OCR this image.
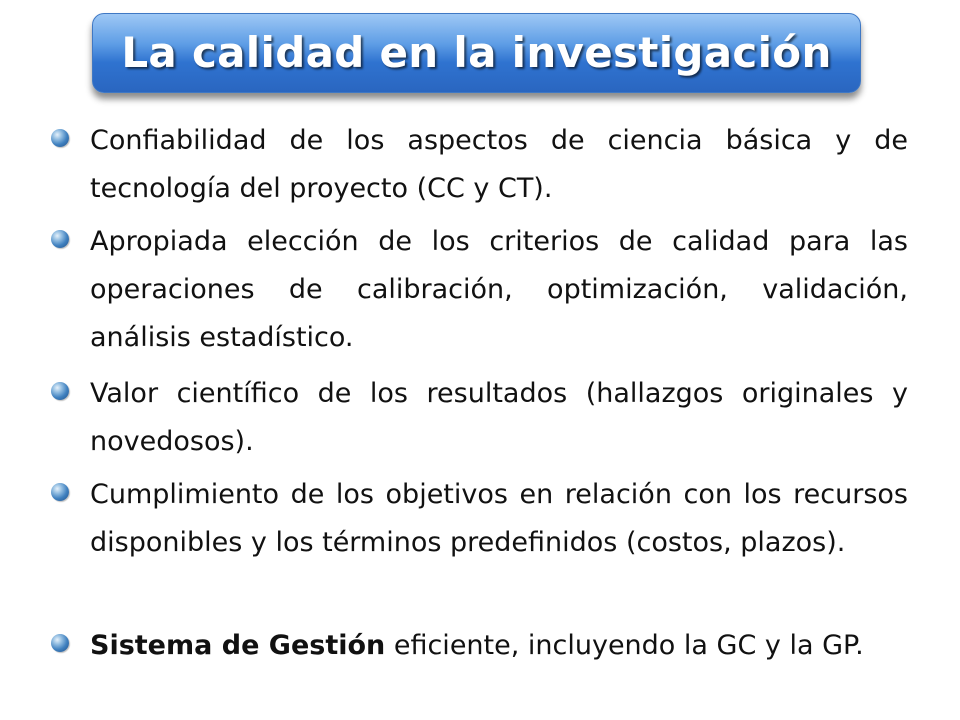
La calidad en la investigación
Confiabilidad de los aspectos de ciencia básica y de tecnología del proyecto (CC y CT).
Apropiada elección de los criterios de calidad para las operaciones de calibración, optimización, validación, análisis estadístico.
Valor científico de los resultados (hallazgos originales y novedosos).
Cumplimiento de los objetivos en relación con los recursos disponibles y los términos predefinidos (costos, plazos).
Sistema de Gestión eficiente, incluyendo la GC y la GP.
